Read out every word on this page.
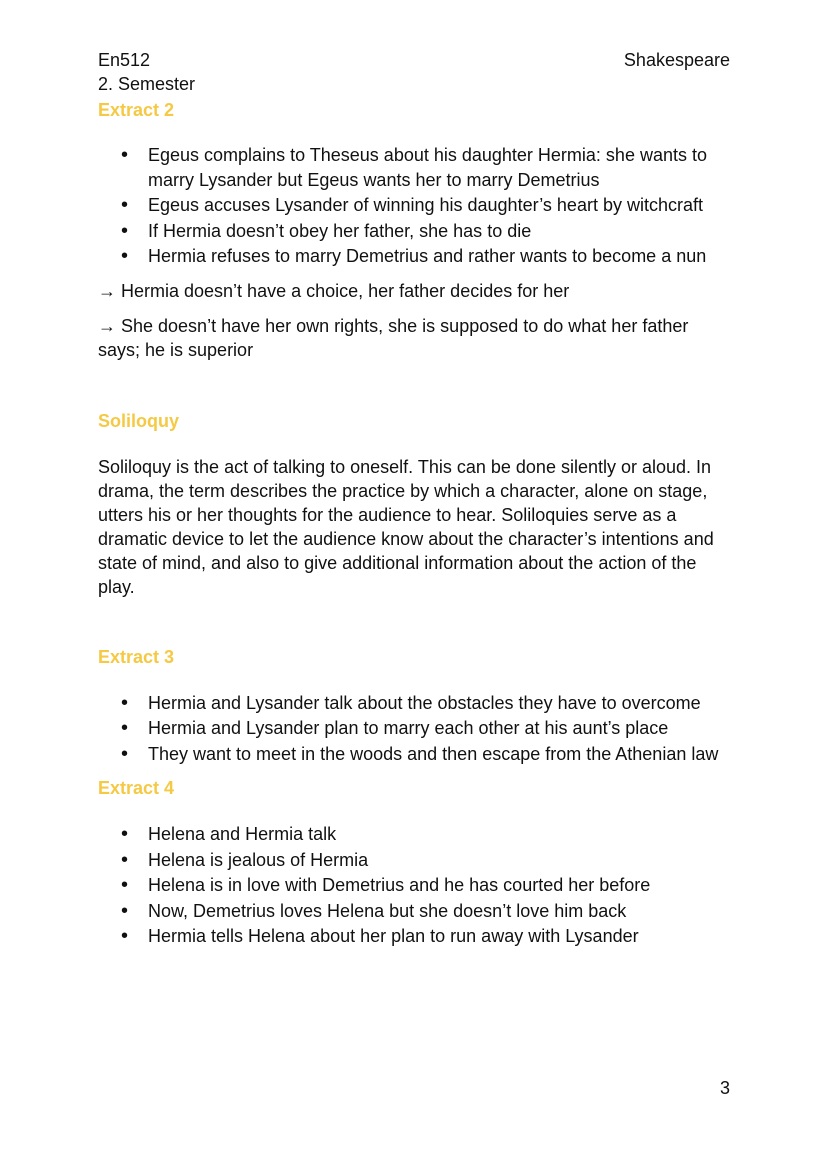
En512
2. Semester
Shakespeare

Extract 2

• Egeus complains to Theseus about his daughter Hermia: she wants to marry Lysander but Egeus wants her to marry Demetrius
• Egeus accuses Lysander of winning his daughter’s heart by witchcraft
• If Hermia doesn’t obey her father, she has to die
• Hermia refuses to marry Demetrius and rather wants to become a nun

→ Hermia doesn’t have a choice, her father decides for her

→ She doesn’t have her own rights, she is supposed to do what her father says; he is superior

Soliloquy

Soliloquy is the act of talking to oneself. This can be done silently or aloud. In drama, the term describes the practice by which a character, alone on stage, utters his or her thoughts for the audience to hear. Soliloquies serve as a dramatic device to let the audience know about the character’s intentions and state of mind, and also to give additional information about the action of the play.

Extract 3

• Hermia and Lysander talk about the obstacles they have to overcome
• Hermia and Lysander plan to marry each other at his aunt’s place
• They want to meet in the woods and then escape from the Athenian law

Extract 4

• Helena and Hermia talk
• Helena is jealous of Hermia
• Helena is in love with Demetrius and he has courted her before
• Now, Demetrius loves Helena but she doesn’t love him back
• Hermia tells Helena about her plan to run away with Lysander
3
